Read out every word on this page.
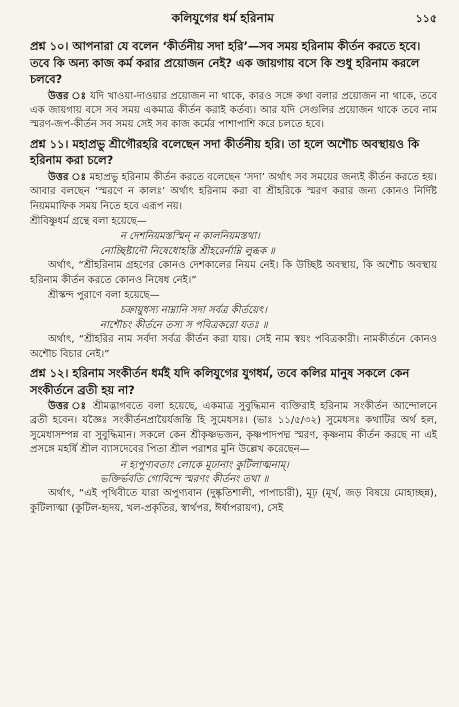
কলিযুগের ধর্ম হরিনাম	১১৫
প্রশ্ন ১০। আপনারা যে বলেন ‘কীর্তনীয় সদা হরি’—সব সময় হরিনাম কীর্তন করতে হবে। তবে কি অন্য কাজ কর্ম করার প্রয়োজন নেই? এক জায়গায় বসে কি শুধু হরিনাম করলে চলবে?
উত্তর ঃ যদি খাওয়া-দাওয়ার প্রয়োজন না থাকে, কারও সঙ্গে কথা বলার প্রয়োজন না থাকে, তবে এক জায়গায় বসে সব সময় একমাত্র কীর্তন করাই কর্তব্য। আর যদি সেগুলির প্রয়োজন থাকে তবে নাম স্মরণ-জপ-কীর্তন সব সময় সেই সব কাজ কর্মের পাশাপাশি করে চলতে হবে।
প্রশ্ন ১১। মহাপ্রভু শ্রীগৌরহরি বলেছেন সদা কীর্তনীয় হরি। তা হলে অশৌচ অবস্থায়ও কি হরিনাম করা চলে?
উত্তর ঃ মহাপ্রভু হরিনাম কীর্তন করতে বলেছেন ‘সদা’ অর্থাৎ সব সময়ের জন্যই কীর্তন করতে হয়। আবার বলছেন ‘স্মরণে ন কালঃ’ অর্থাৎ হরিনাম করা বা শ্রীহরিকে স্মরণ করার জন্য কোনও নির্দিষ্ট নিয়মমাফিক সময় নিতে হবে এরূপ নয়।
শ্রীবিষ্ণুধর্ম গ্রন্থে বলা হয়েছে—
ন দেশনিয়মস্তস্মিন্ ন কালনিয়মস্তথা।
নোচ্ছিষ্টাদৌ নিষেধোহস্তি শ্রীহরের্নাম্নি লুব্ধক ॥
অর্থাৎ, “শ্রীহরিনাম গ্রহণের কোনও দেশকালের নিয়ম নেই। কি উচ্ছিষ্ট অবস্থায়, কি অশৌচ অবস্থায় হরিনাম কীর্তন করতে কোনও নিষেধ নেই।”
শ্রীস্কন্দ পুরাণে বলা হয়েছে—
চক্রায়ুধস্য নাম্নানি সদা সর্বত্র কীর্তয়েৎ।
নাশৌচং কীর্তনে তস্য স পবিত্রকরো যতঃ ॥
অর্থাৎ, “শ্রীহরির নাম সর্বদা সর্বত্র কীর্তন করা যায়। সেই নাম স্বয়ং পবিত্রকারী। নামকীর্তনে কোনও অশৌচ বিচার নেই।”
প্রশ্ন ১২। হরিনাম সংকীর্তন ধর্মই যদি কলিযুগের যুগধর্ম, তবে কলির মানুষ সকলে কেন সংকীর্তনে ব্রতী হয় না?
উত্তর ঃ শ্রীমদ্ভাগবতে বলা হয়েছে, একমাত্র সুবুদ্ধিমান ব্যক্তিরাই হরিনাম সংকীর্তন আন্দোলনে ব্রতী হবেন। যজ্ঞৈঃ সংকীর্তনপ্রায়ৈর্যজন্তি হি সুমেধসঃ। (ভাঃ ১১/৫/৩২) সুমেধসঃ কথাটির অর্থ হল, সুমেধাসম্পন্ন বা সুবুদ্ধিমান। সকলে কেন শ্রীকৃষ্ণভজন, কৃষ্ণপাদপদ্ম স্মরণ, কৃষ্ণনাম কীর্তন করছে না এই প্রসঙ্গে মহর্ষি শ্রীল ব্যাসদেবের পিতা শ্রীল পরাশর মুনি উল্লেখ করেছেন—
ন হ্যপুণ্যবতাং লোকে মূঢানাং কুটিলাত্মনাম্।
ভক্তির্ভবতি গোবিন্দে স্মরণং কীর্তনং তথা ॥
অর্থাৎ, “এই পৃথিবীতে যারা অপুণ্যবান (দুষ্কৃতিশালী, পাপাচারী), মূঢ় (মূর্খ, জড় বিষয়ে মোহাচ্ছন্ন), কুটিলাত্মা (কুটিল-হৃদয়, খল-প্রকৃতির, স্বার্থপর, ঈর্ষাপরায়ণ), সেই
